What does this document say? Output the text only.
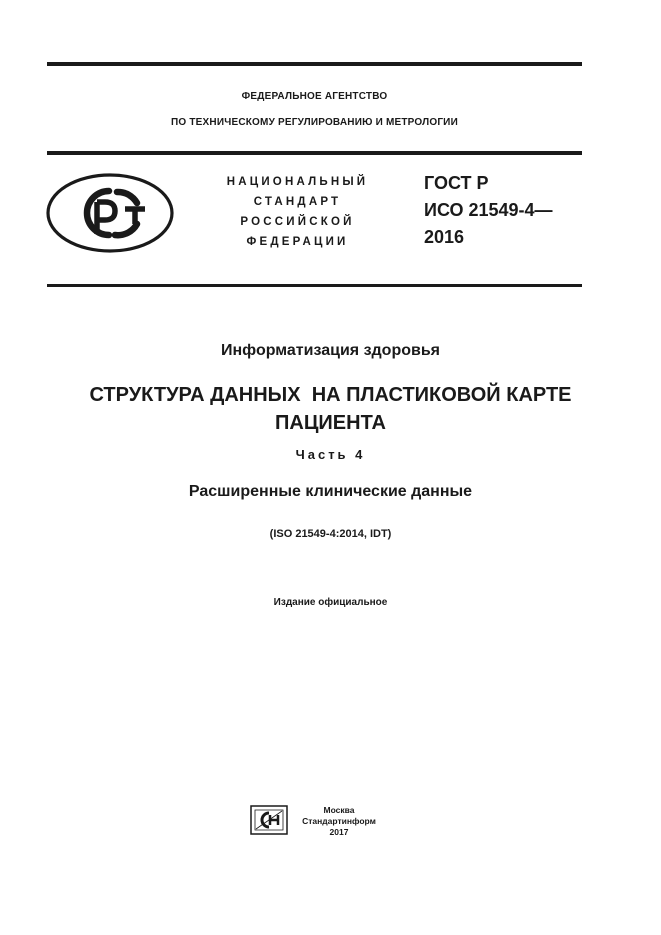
ФЕДЕРАЛЬНОЕ АГЕНТСТВО
ПО ТЕХНИЧЕСКОМУ РЕГУЛИРОВАНИЮ И МЕТРОЛОГИИ
НАЦИОНАЛЬНЫЙ
СТАНДАРТ
РОССИЙСКОЙ
ФЕДЕРАЦИИ
ГОСТ Р
ИСО 21549-4—
2016
Информатизация здоровья
СТРУКТУРА ДАННЫХ  НА ПЛАСТИКОВОЙ КАРТЕ
ПАЦИЕНТА
Часть 4
Расширенные клинические данные
(ISO 21549-4:2014, IDT)
Издание официальное
Москва
Стандартинформ
2017
